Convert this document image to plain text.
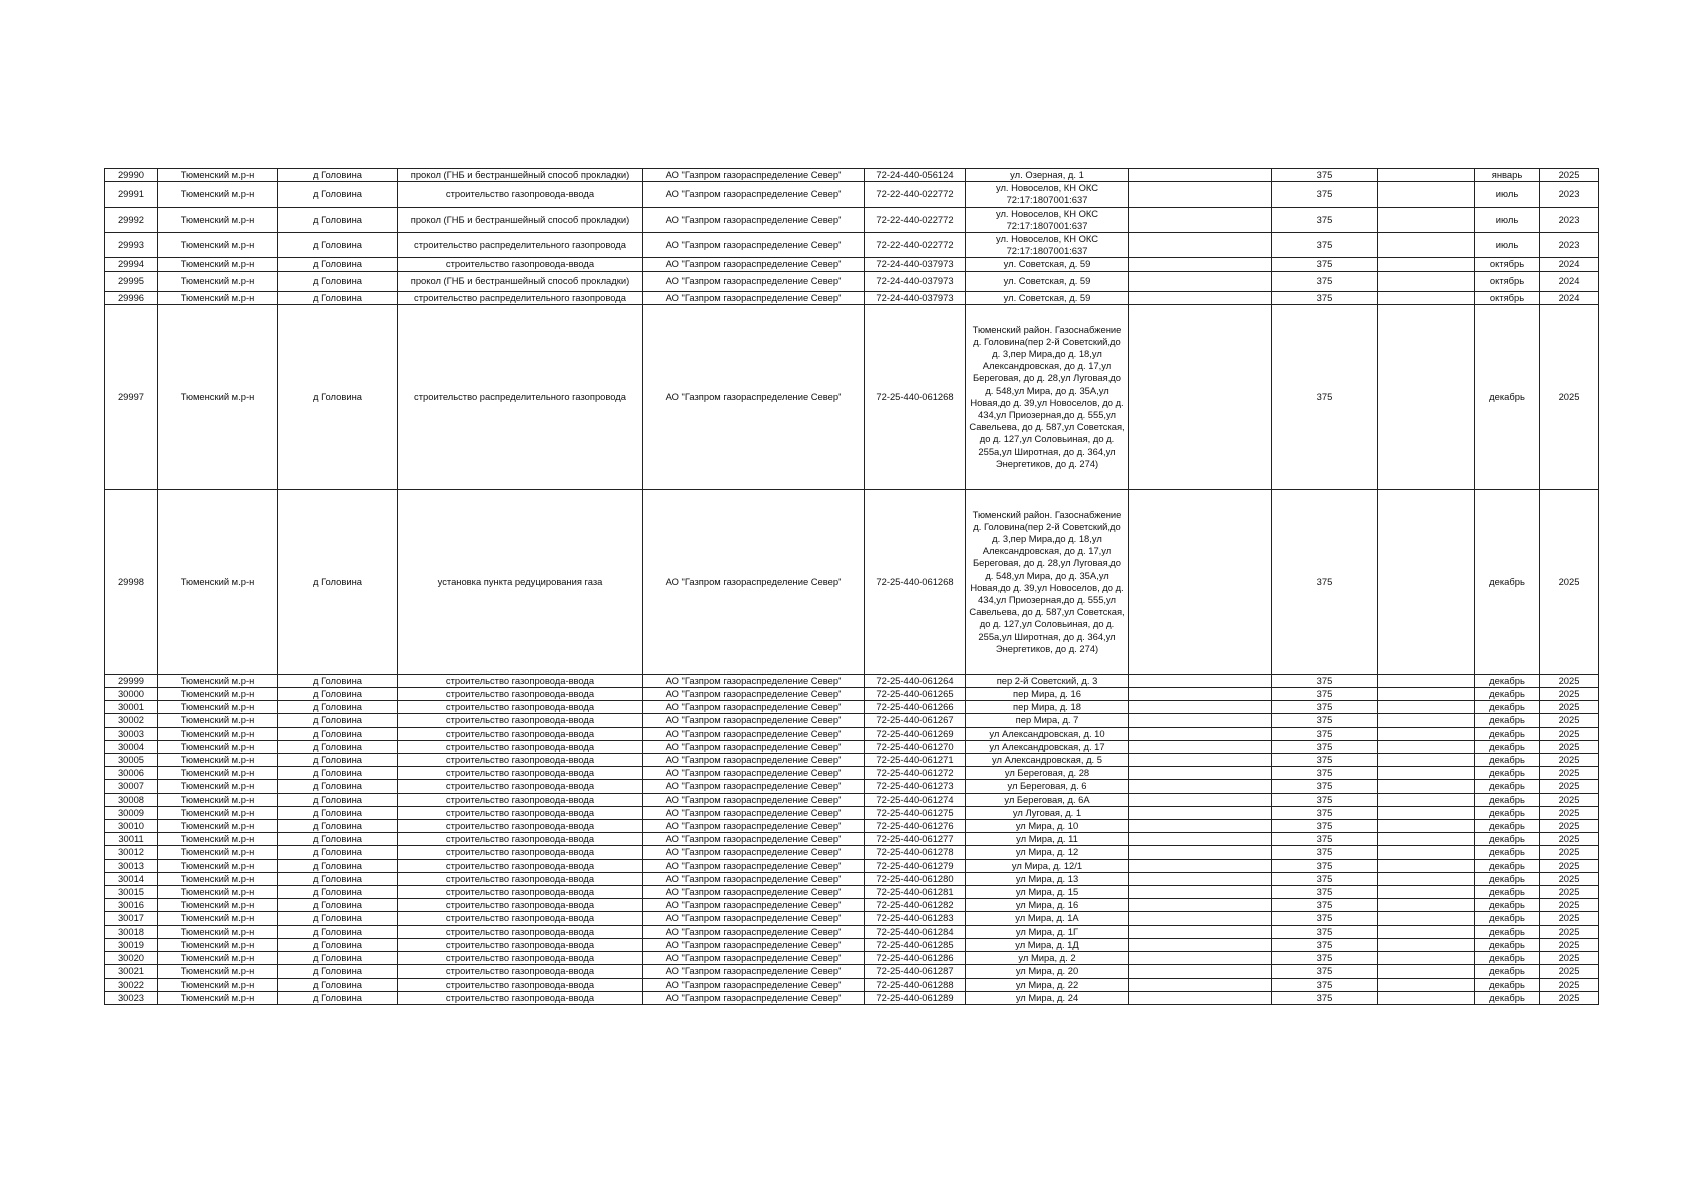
29990	Тюменский м.р-н	д Головина	прокол (ГНБ и бестраншейный способ прокладки)	АО "Газпром газораспределение Север"	72-24-440-056124	ул. Озерная, д. 1		375		январь	2025
29991	Тюменский м.р-н	д Головина	строительство газопровода-ввода	АО "Газпром газораспределение Север"	72-22-440-022772	ул. Новоселов, КН ОКС 72:17:1807001:637		375		июль	2023
29992	Тюменский м.р-н	д Головина	прокол (ГНБ и бестраншейный способ прокладки)	АО "Газпром газораспределение Север"	72-22-440-022772	ул. Новоселов, КН ОКС 72:17:1807001:637		375		июль	2023
29993	Тюменский м.р-н	д Головина	строительство распределительного газопровода	АО "Газпром газораспределение Север"	72-22-440-022772	ул. Новоселов, КН ОКС 72:17:1807001:637		375		июль	2023
29994	Тюменский м.р-н	д Головина	строительство газопровода-ввода	АО "Газпром газораспределение Север"	72-24-440-037973	ул. Советская, д. 59		375		октябрь	2024
29995	Тюменский м.р-н	д Головина	прокол (ГНБ и бестраншейный способ прокладки)	АО "Газпром газораспределение Север"	72-24-440-037973	ул. Советская, д. 59		375		октябрь	2024
29996	Тюменский м.р-н	д Головина	строительство распределительного газопровода	АО "Газпром газораспределение Север"	72-24-440-037973	ул. Советская, д. 59		375		октябрь	2024
29997	Тюменский м.р-н	д Головина	строительство распределительного газопровода	АО "Газпром газораспределение Север"	72-25-440-061268	Тюменский район. Газоснабжение д. Головина(пер 2-й Советский,до д. 3,пер Мира,до д. 18,ул Александровская, до д. 17,ул Береговая, до д. 28,ул Луговая,до д. 548,ул Мира, до д. 35А,ул Новая,до д. 39,ул Новоселов, до д. 434,ул Приозерная,до д. 555,ул Савельева, до д. 587,ул Советская, до д. 127,ул Соловьиная, до д. 255а,ул Широтная, до д. 364,ул Энергетиков, до д. 274)		375		декабрь	2025
29998	Тюменский м.р-н	д Головина	установка пункта редуцирования газа	АО "Газпром газораспределение Север"	72-25-440-061268	Тюменский район. Газоснабжение д. Головина(пер 2-й Советский,до д. 3,пер Мира,до д. 18,ул Александровская, до д. 17,ул Береговая, до д. 28,ул Луговая,до д. 548,ул Мира, до д. 35А,ул Новая,до д. 39,ул Новоселов, до д. 434,ул Приозерная,до д. 555,ул Савельева, до д. 587,ул Советская, до д. 127,ул Соловьиная, до д. 255а,ул Широтная, до д. 364,ул Энергетиков, до д. 274)		375		декабрь	2025
29999	Тюменский м.р-н	д Головина	строительство газопровода-ввода	АО "Газпром газораспределение Север"	72-25-440-061264	пер 2-й Советский, д. 3		375		декабрь	2025
30000	Тюменский м.р-н	д Головина	строительство газопровода-ввода	АО "Газпром газораспределение Север"	72-25-440-061265	пер Мира, д. 16		375		декабрь	2025
30001	Тюменский м.р-н	д Головина	строительство газопровода-ввода	АО "Газпром газораспределение Север"	72-25-440-061266	пер Мира, д. 18		375		декабрь	2025
30002	Тюменский м.р-н	д Головина	строительство газопровода-ввода	АО "Газпром газораспределение Север"	72-25-440-061267	пер Мира, д. 7		375		декабрь	2025
30003	Тюменский м.р-н	д Головина	строительство газопровода-ввода	АО "Газпром газораспределение Север"	72-25-440-061269	ул Александровская, д. 10		375		декабрь	2025
30004	Тюменский м.р-н	д Головина	строительство газопровода-ввода	АО "Газпром газораспределение Север"	72-25-440-061270	ул Александровская, д. 17		375		декабрь	2025
30005	Тюменский м.р-н	д Головина	строительство газопровода-ввода	АО "Газпром газораспределение Север"	72-25-440-061271	ул Александровская, д. 5		375		декабрь	2025
30006	Тюменский м.р-н	д Головина	строительство газопровода-ввода	АО "Газпром газораспределение Север"	72-25-440-061272	ул Береговая, д. 28		375		декабрь	2025
30007	Тюменский м.р-н	д Головина	строительство газопровода-ввода	АО "Газпром газораспределение Север"	72-25-440-061273	ул Береговая, д. 6		375		декабрь	2025
30008	Тюменский м.р-н	д Головина	строительство газопровода-ввода	АО "Газпром газораспределение Север"	72-25-440-061274	ул Береговая, д. 6А		375		декабрь	2025
30009	Тюменский м.р-н	д Головина	строительство газопровода-ввода	АО "Газпром газораспределение Север"	72-25-440-061275	ул Луговая, д. 1		375		декабрь	2025
30010	Тюменский м.р-н	д Головина	строительство газопровода-ввода	АО "Газпром газораспределение Север"	72-25-440-061276	ул Мира, д. 10		375		декабрь	2025
30011	Тюменский м.р-н	д Головина	строительство газопровода-ввода	АО "Газпром газораспределение Север"	72-25-440-061277	ул Мира, д. 11		375		декабрь	2025
30012	Тюменский м.р-н	д Головина	строительство газопровода-ввода	АО "Газпром газораспределение Север"	72-25-440-061278	ул Мира, д. 12		375		декабрь	2025
30013	Тюменский м.р-н	д Головина	строительство газопровода-ввода	АО "Газпром газораспределение Север"	72-25-440-061279	ул Мира, д. 12/1		375		декабрь	2025
30014	Тюменский м.р-н	д Головина	строительство газопровода-ввода	АО "Газпром газораспределение Север"	72-25-440-061280	ул Мира, д. 13		375		декабрь	2025
30015	Тюменский м.р-н	д Головина	строительство газопровода-ввода	АО "Газпром газораспределение Север"	72-25-440-061281	ул Мира, д. 15		375		декабрь	2025
30016	Тюменский м.р-н	д Головина	строительство газопровода-ввода	АО "Газпром газораспределение Север"	72-25-440-061282	ул Мира, д. 16		375		декабрь	2025
30017	Тюменский м.р-н	д Головина	строительство газопровода-ввода	АО "Газпром газораспределение Север"	72-25-440-061283	ул Мира, д. 1А		375		декабрь	2025
30018	Тюменский м.р-н	д Головина	строительство газопровода-ввода	АО "Газпром газораспределение Север"	72-25-440-061284	ул Мира, д. 1Г		375		декабрь	2025
30019	Тюменский м.р-н	д Головина	строительство газопровода-ввода	АО "Газпром газораспределение Север"	72-25-440-061285	ул Мира, д. 1Д		375		декабрь	2025
30020	Тюменский м.р-н	д Головина	строительство газопровода-ввода	АО "Газпром газораспределение Север"	72-25-440-061286	ул Мира, д. 2		375		декабрь	2025
30021	Тюменский м.р-н	д Головина	строительство газопровода-ввода	АО "Газпром газораспределение Север"	72-25-440-061287	ул Мира, д. 20		375		декабрь	2025
30022	Тюменский м.р-н	д Головина	строительство газопровода-ввода	АО "Газпром газораспределение Север"	72-25-440-061288	ул Мира, д. 22		375		декабрь	2025
30023	Тюменский м.р-н	д Головина	строительство газопровода-ввода	АО "Газпром газораспределение Север"	72-25-440-061289	ул Мира, д. 24		375		декабрь	2025
